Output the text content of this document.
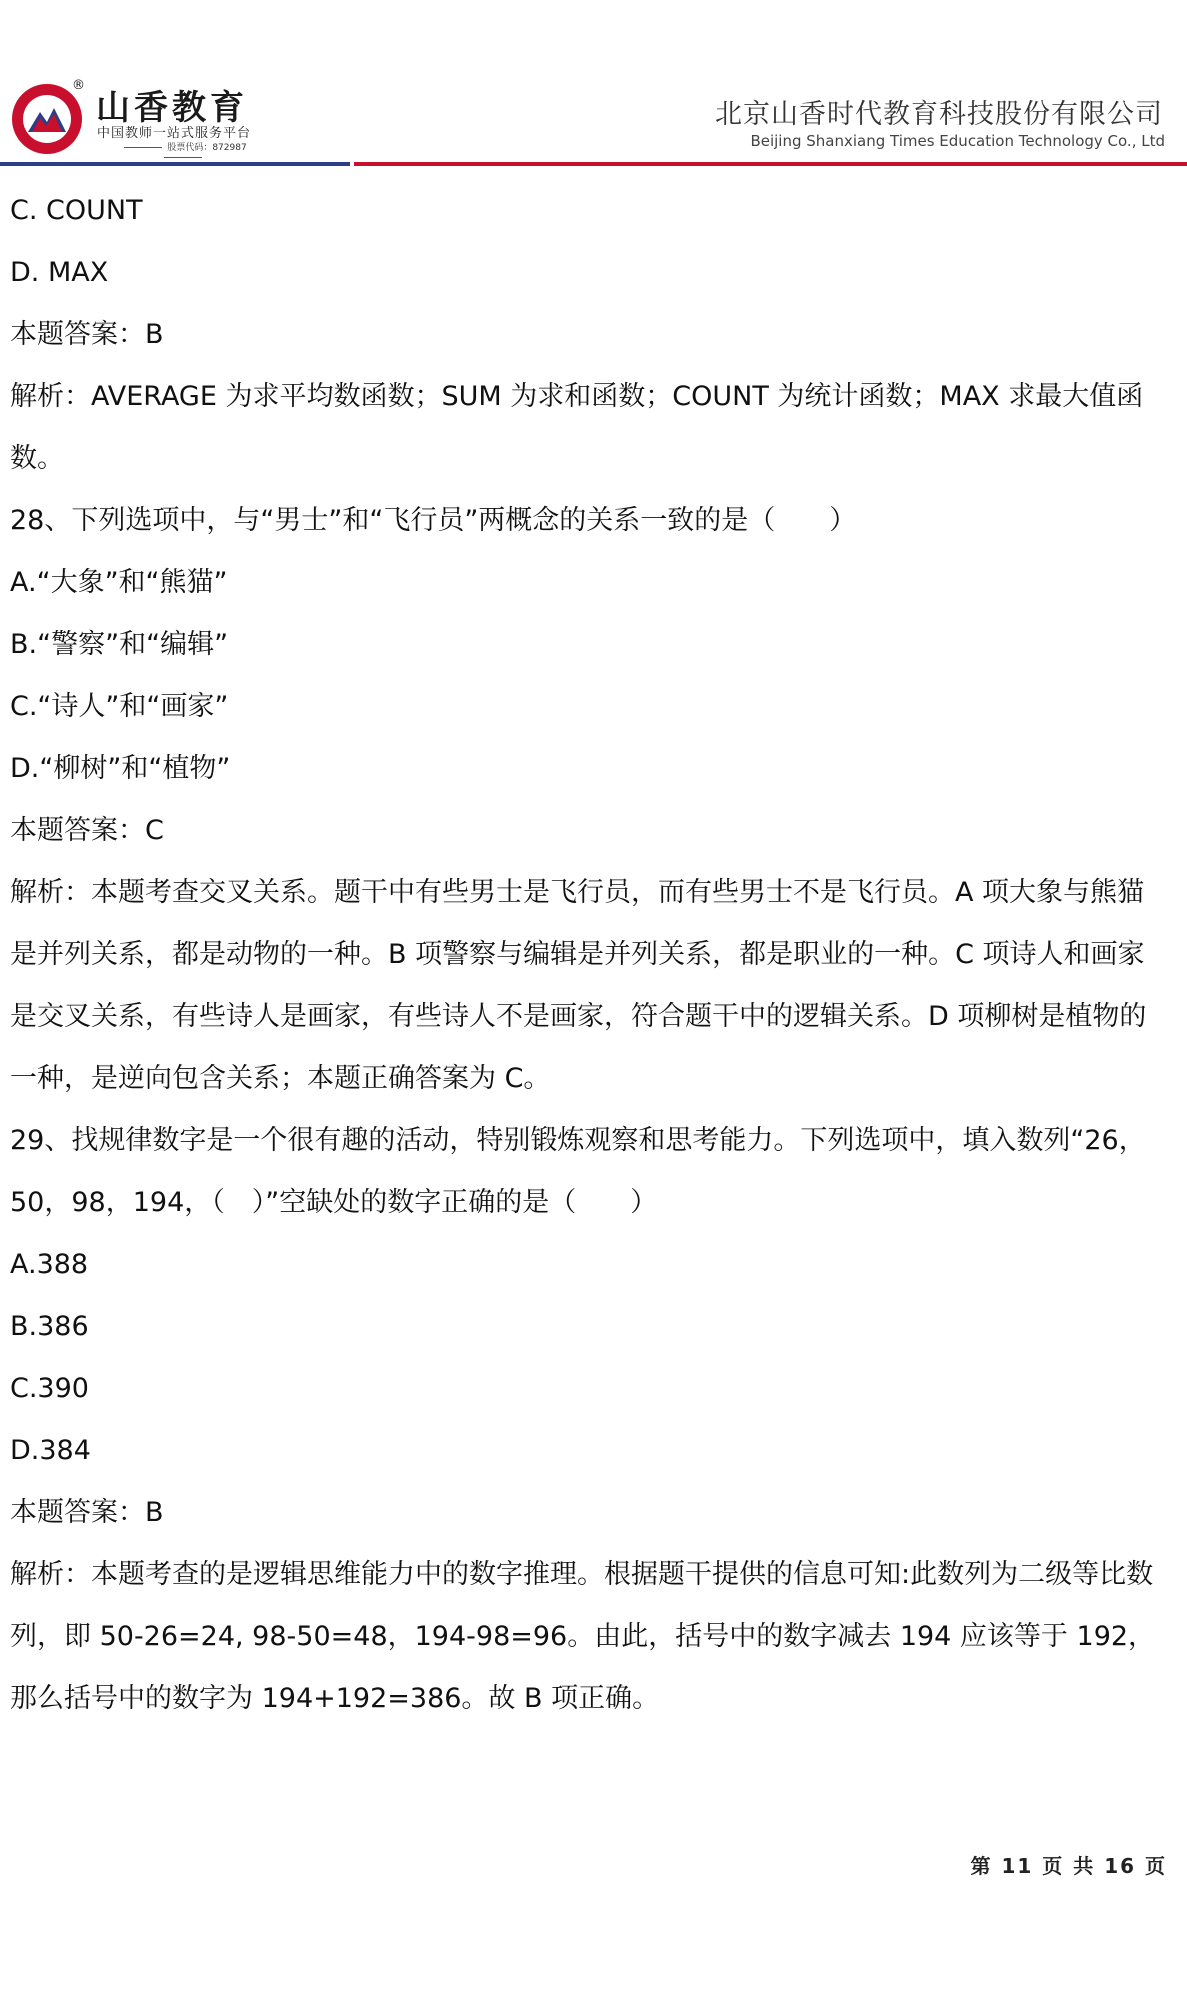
®
山香教育
中国教师一站式服务平台
股票代码：872987
北京山香时代教育科技股份有限公司
Beijing Shanxiang Times Education Technology Co., Ltd

C. COUNT

D. MAX

本题答案：B

解析：AVERAGE 为求平均数函数；SUM 为求和函数；COUNT 为统计函数；MAX 求最大值函数。

28、下列选项中，与“男士”和“飞行员”两概念的关系一致的是（　　）

A.“大象”和“熊猫”

B.“警察”和“编辑”

C.“诗人”和“画家”

D.“柳树”和“植物”

本题答案：C

解析：本题考查交叉关系。题干中有些男士是飞行员，而有些男士不是飞行员。A 项大象与熊猫是并列关系，都是动物的一种。B 项警察与编辑是并列关系，都是职业的一种。C 项诗人和画家是交叉关系，有些诗人是画家，有些诗人不是画家，符合题干中的逻辑关系。D 项柳树是植物的一种，是逆向包含关系；本题正确答案为 C。

29、找规律数字是一个很有趣的活动，特别锻炼观察和思考能力。下列选项中，填入数列“26，50，98，194，（　）”空缺处的数字正确的是（　　）

A.388

B.386

C.390

D.384

本题答案：B

解析：本题考查的是逻辑思维能力中的数字推理。根据题干提供的信息可知:此数列为二级等比数列，即 50-26=24, 98-50=48，194-98=96。由此，括号中的数字减去 194 应该等于 192，那么括号中的数字为 194+192=386。故 B 项正确。

第 11 页 共 16 页
